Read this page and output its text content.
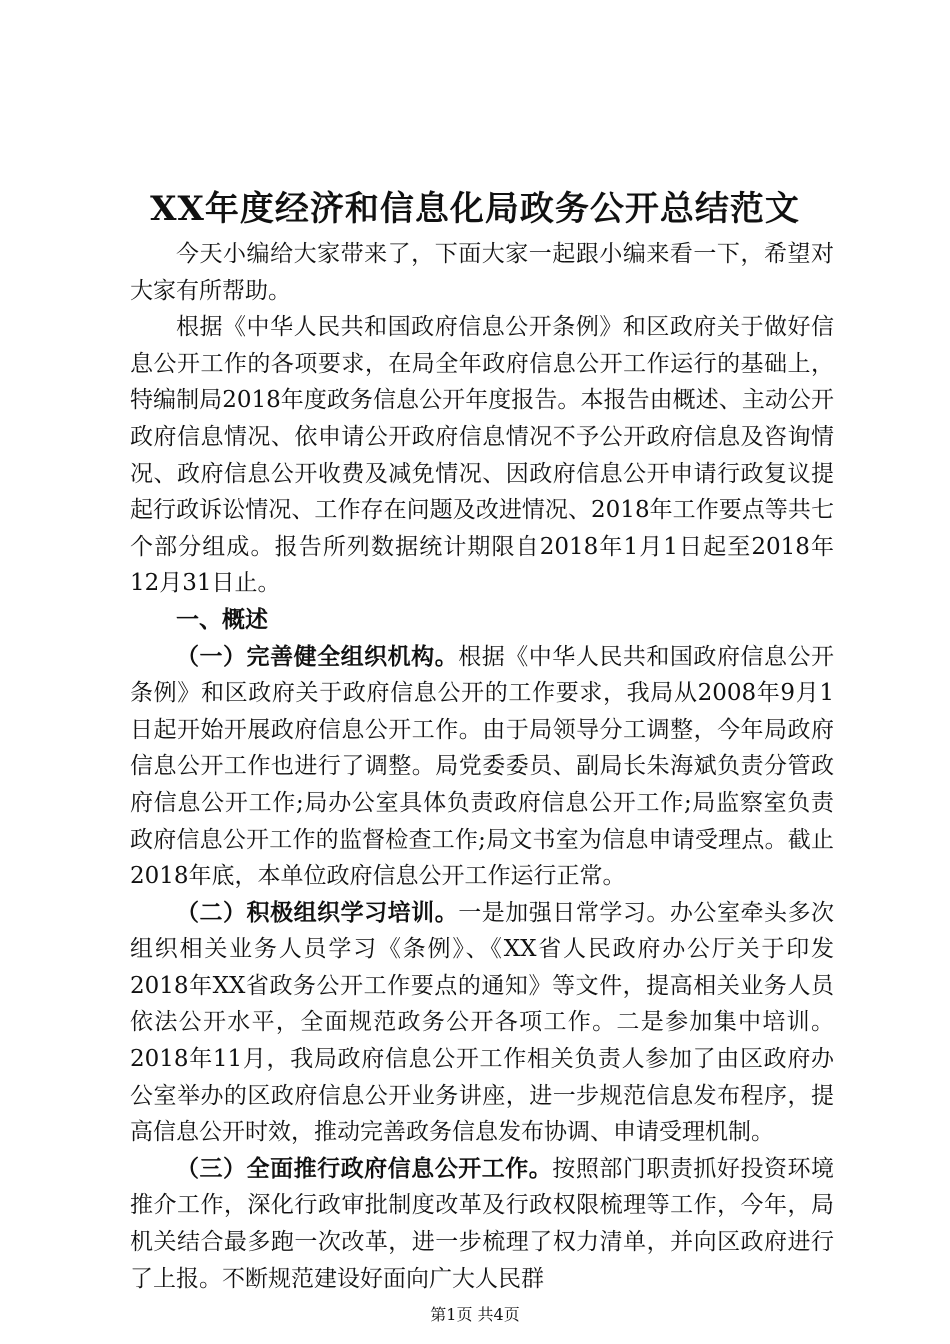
XX年度经济和信息化局政务公开总结范文

今天小编给大家带来了，下面大家一起跟小编来看一下，希望对大家有所帮助。

根据《中华人民共和国政府信息公开条例》和区政府关于做好信息公开工作的各项要求，在局全年政府信息公开工作运行的基础上，特编制局2018年度政务信息公开年度报告。本报告由概述、主动公开政府信息情况、依申请公开政府信息情况不予公开政府信息及咨询情况、政府信息公开收费及减免情况、因政府信息公开申请行政复议提起行政诉讼情况、工作存在问题及改进情况、2018年工作要点等共七个部分组成。报告所列数据统计期限自2018年1月1日起至2018年12月31日止。

一、概述

（一）完善健全组织机构。根据《中华人民共和国政府信息公开条例》和区政府关于政府信息公开的工作要求，我局从2008年9月1日起开始开展政府信息公开工作。由于局领导分工调整，今年局政府信息公开工作也进行了调整。局党委委员、副局长朱海斌负责分管政府信息公开工作;局办公室具体负责政府信息公开工作;局监察室负责政府信息公开工作的监督检查工作;局文书室为信息申请受理点。截止2018年底，本单位政府信息公开工作运行正常。

（二）积极组织学习培训。一是加强日常学习。办公室牵头多次组织相关业务人员学习《条例》、《XX省人民政府办公厅关于印发2018年XX省政务公开工作要点的通知》等文件，提高相关业务人员依法公开水平，全面规范政务公开各项工作。二是参加集中培训。2018年11月，我局政府信息公开工作相关负责人参加了由区政府办公室举办的区政府信息公开业务讲座，进一步规范信息发布程序，提高信息公开时效，推动完善政务信息发布协调、申请受理机制。

（三）全面推行政府信息公开工作。按照部门职责抓好投资环境推介工作，深化行政审批制度改革及行政权限梳理等工作，今年，局机关结合最多跑一次改革，进一步梳理了权力清单，并向区政府进行了上报。不断规范建设好面向广大人民群

第1页 共4页
